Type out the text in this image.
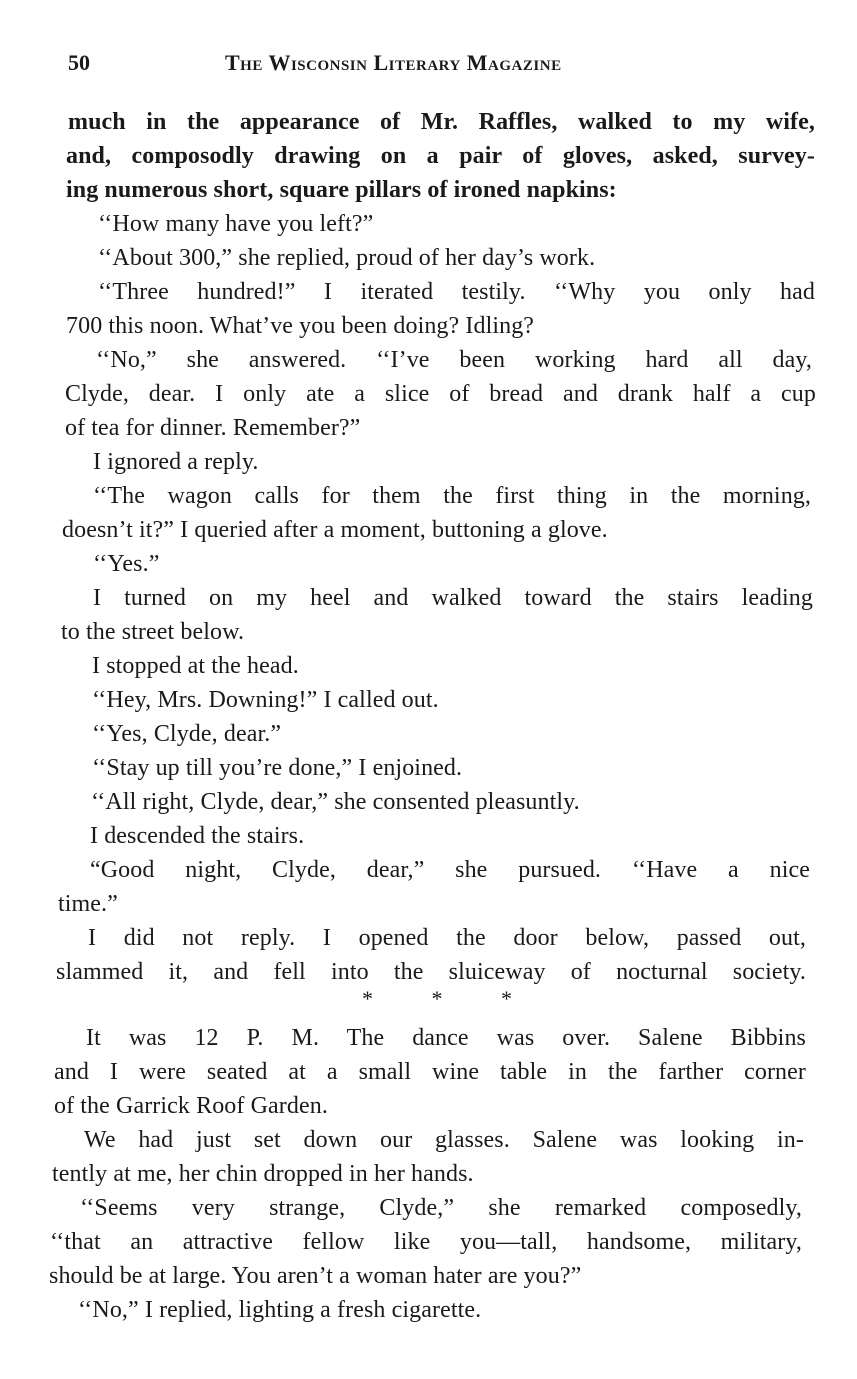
50	The Wisconsin Literary Magazine
much in the appearance of Mr. Raffles, walked to my wife,
and, composodly drawing on a pair of gloves, asked, survey-
ing numerous short, square pillars of ironed napkins:
‘‘How many have you left?”
‘‘About 300,” she replied, proud of her day’s work.
‘‘Three hundred!” I iterated testily. ‘‘Why you only had
700 this noon. What’ve you been doing? Idling?
‘‘No,” she answered. ‘‘I’ve been working hard all day,
Clyde, dear. I only ate a slice of bread and drank half a cup
of tea for dinner. Remember?”
I ignored a reply.
‘‘The wagon calls for them the first thing in the morning,
doesn’t it?” I queried after a moment, buttoning a glove.
‘‘Yes.”
I turned on my heel and walked toward the stairs leading
to the street below.
I stopped at the head.
‘‘Hey, Mrs. Downing!” I called out.
‘‘Yes, Clyde, dear.”
‘‘Stay up till you’re done,” I enjoined.
‘‘All right, Clyde, dear,” she consented pleasuntly.
I descended the stairs.
“Good night, Clyde, dear,” she pursued. ‘‘Have a nice
time.”
I did not reply. I opened the door below, passed out,
slammed it, and fell into the sluiceway of nocturnal society.
It was 12 P. M. The dance was over. Salene Bibbins
and I were seated at a small wine table in the farther corner
of the Garrick Roof Garden.
We had just set down our glasses. Salene was looking in-
tently at me, her chin dropped in her hands.
‘‘Seems very strange, Clyde,” she remarked composedly,
‘‘that an attractive fellow like you—tall, handsome, military,
should be at large. You aren’t a woman hater are you?”
‘‘No,” I replied, lighting a fresh cigarette.
*	*	*
